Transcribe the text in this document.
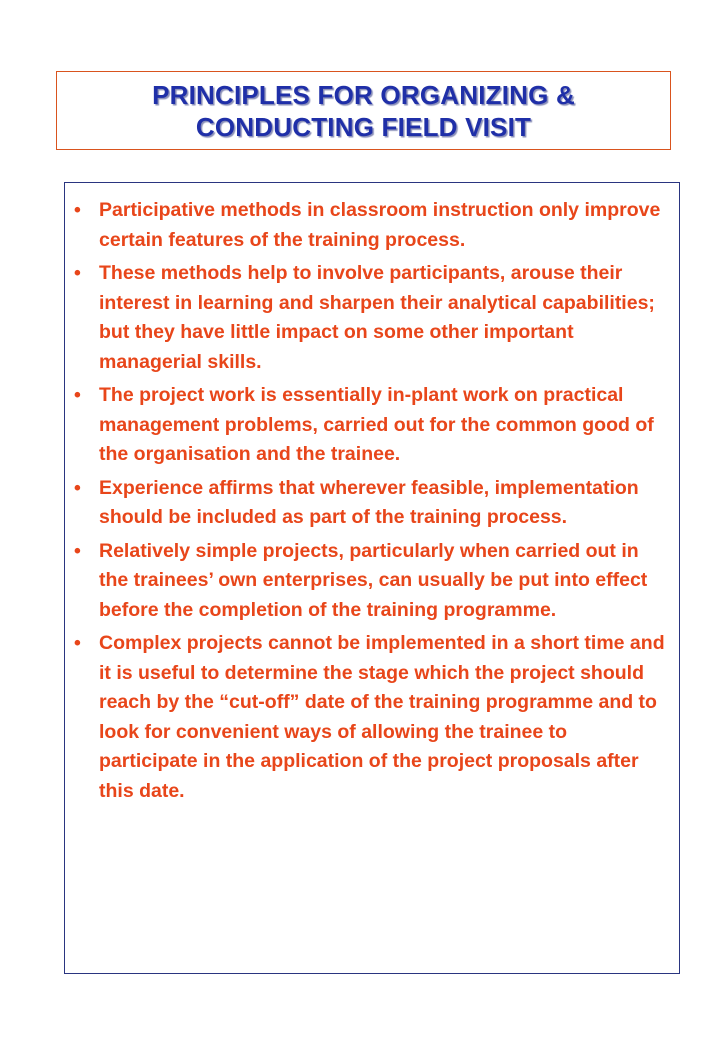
PRINCIPLES FOR ORGANIZING &
CONDUCTING FIELD VISIT
• Participative methods in classroom instruction only improve certain features of the training process.
• These methods help to involve participants, arouse their interest in learning and sharpen their analytical capabilities; but they have little impact on some other important managerial skills.
• The project work is essentially in-plant work on practical management problems, carried out for the common good of the organisation and the trainee.
• Experience affirms that wherever feasible, implementation should be included as part of the training process.
• Relatively simple projects, particularly when carried out in the trainees’ own enterprises, can usually be put into effect before the completion of the training programme.
• Complex projects cannot be implemented in a short time and it is useful to determine the stage which the project should reach by the “cut-off” date of the training programme and to look for convenient ways of allowing the trainee to participate in the application of the project proposals after this date.
